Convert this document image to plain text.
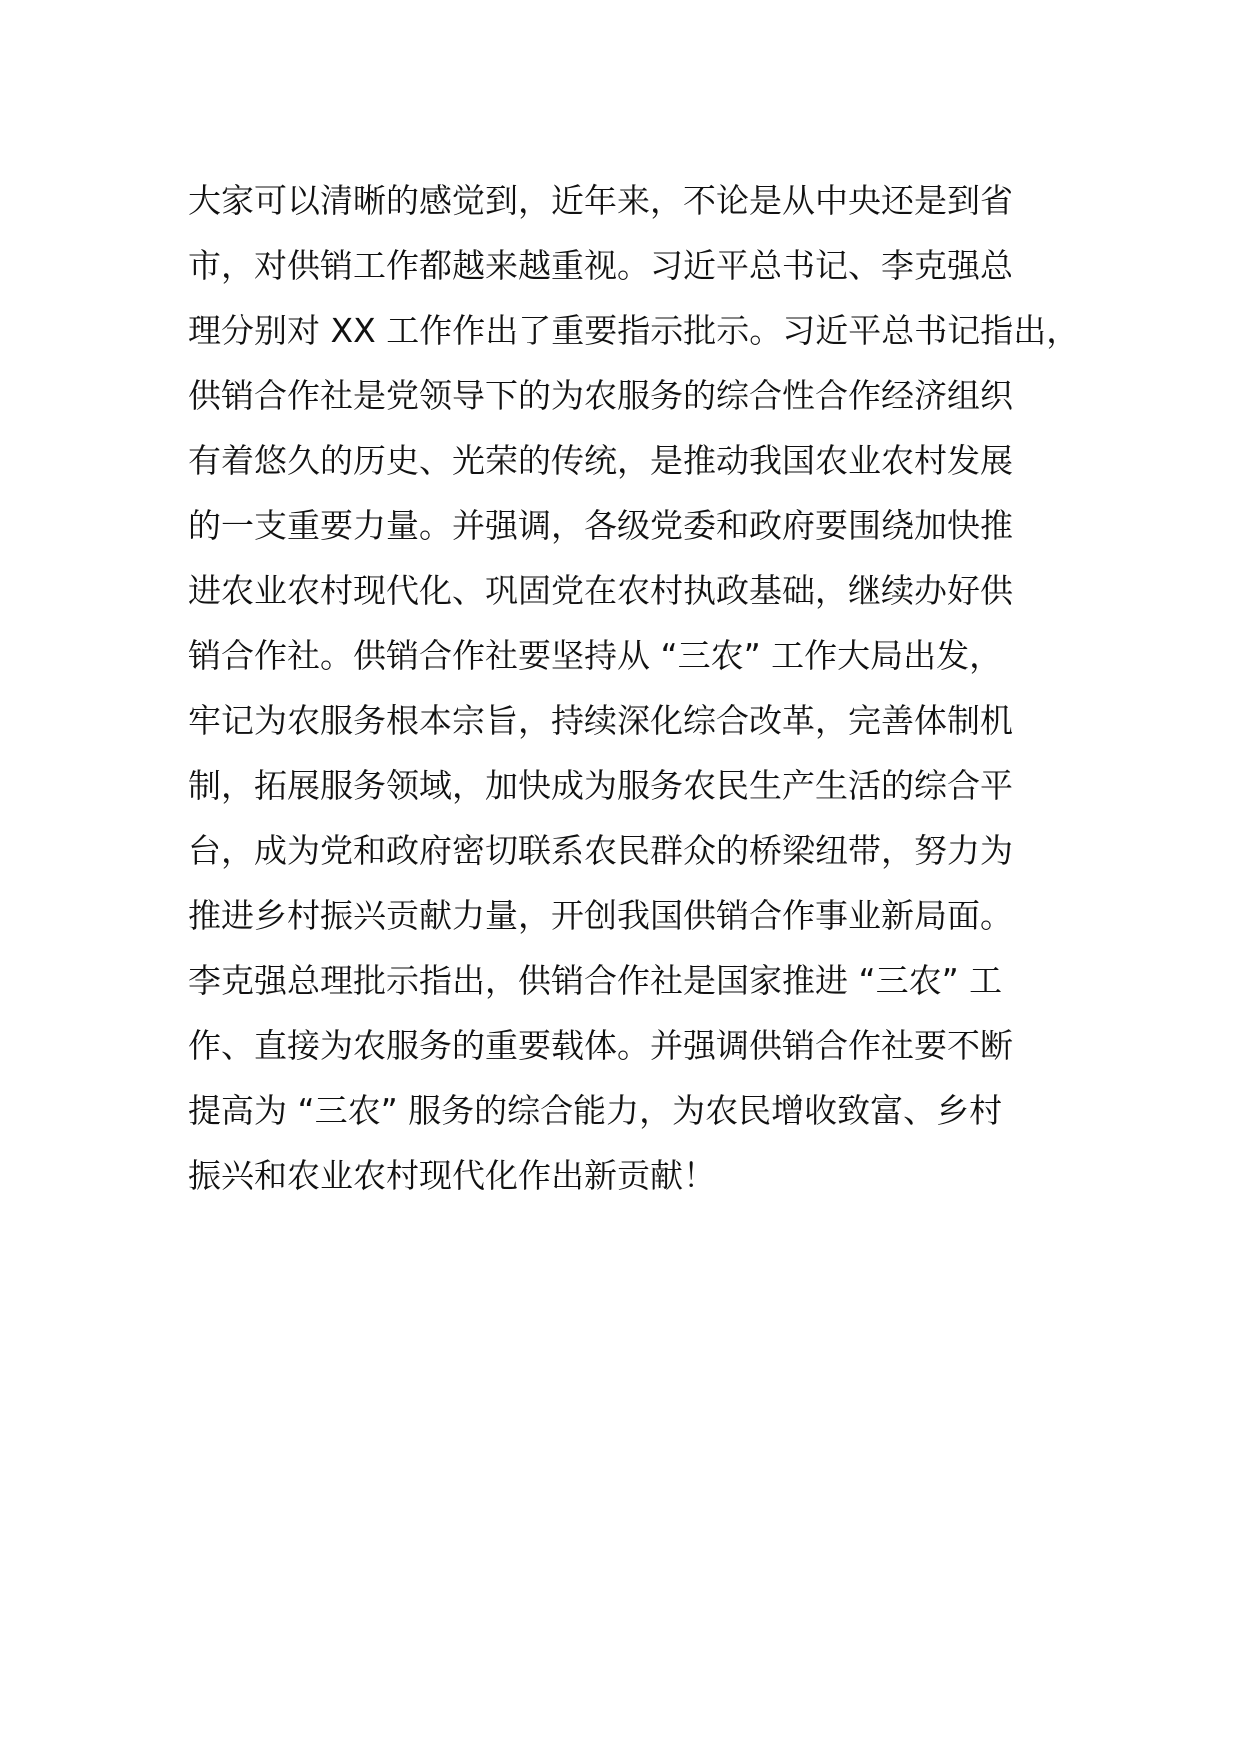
大家可以清晰的感觉到，近年来，不论是从中央还是到省
市，对供销工作都越来越重视。习近平总书记、李克强总
理分别对 XX 工作作出了重要指示批示。习近平总书记指出，
供销合作社是党领导下的为农服务的综合性合作经济组织
有着悠久的历史、光荣的传统，是推动我国农业农村发展
的一支重要力量。并强调，各级党委和政府要围绕加快推
进农业农村现代化、巩固党在农村执政基础，继续办好供
销合作社。供销合作社要坚持从 “三农” 工作大局出发，
牢记为农服务根本宗旨，持续深化综合改革，完善体制机
制，拓展服务领域，加快成为服务农民生产生活的综合平
台，成为党和政府密切联系农民群众的桥梁纽带，努力为
推进乡村振兴贡献力量，开创我国供销合作事业新局面。
李克强总理批示指出，供销合作社是国家推进 “三农” 工
作、直接为农服务的重要载体。并强调供销合作社要不断
提高为 “三农” 服务的综合能力，为农民增收致富、乡村
振兴和农业农村现代化作出新贡献！
